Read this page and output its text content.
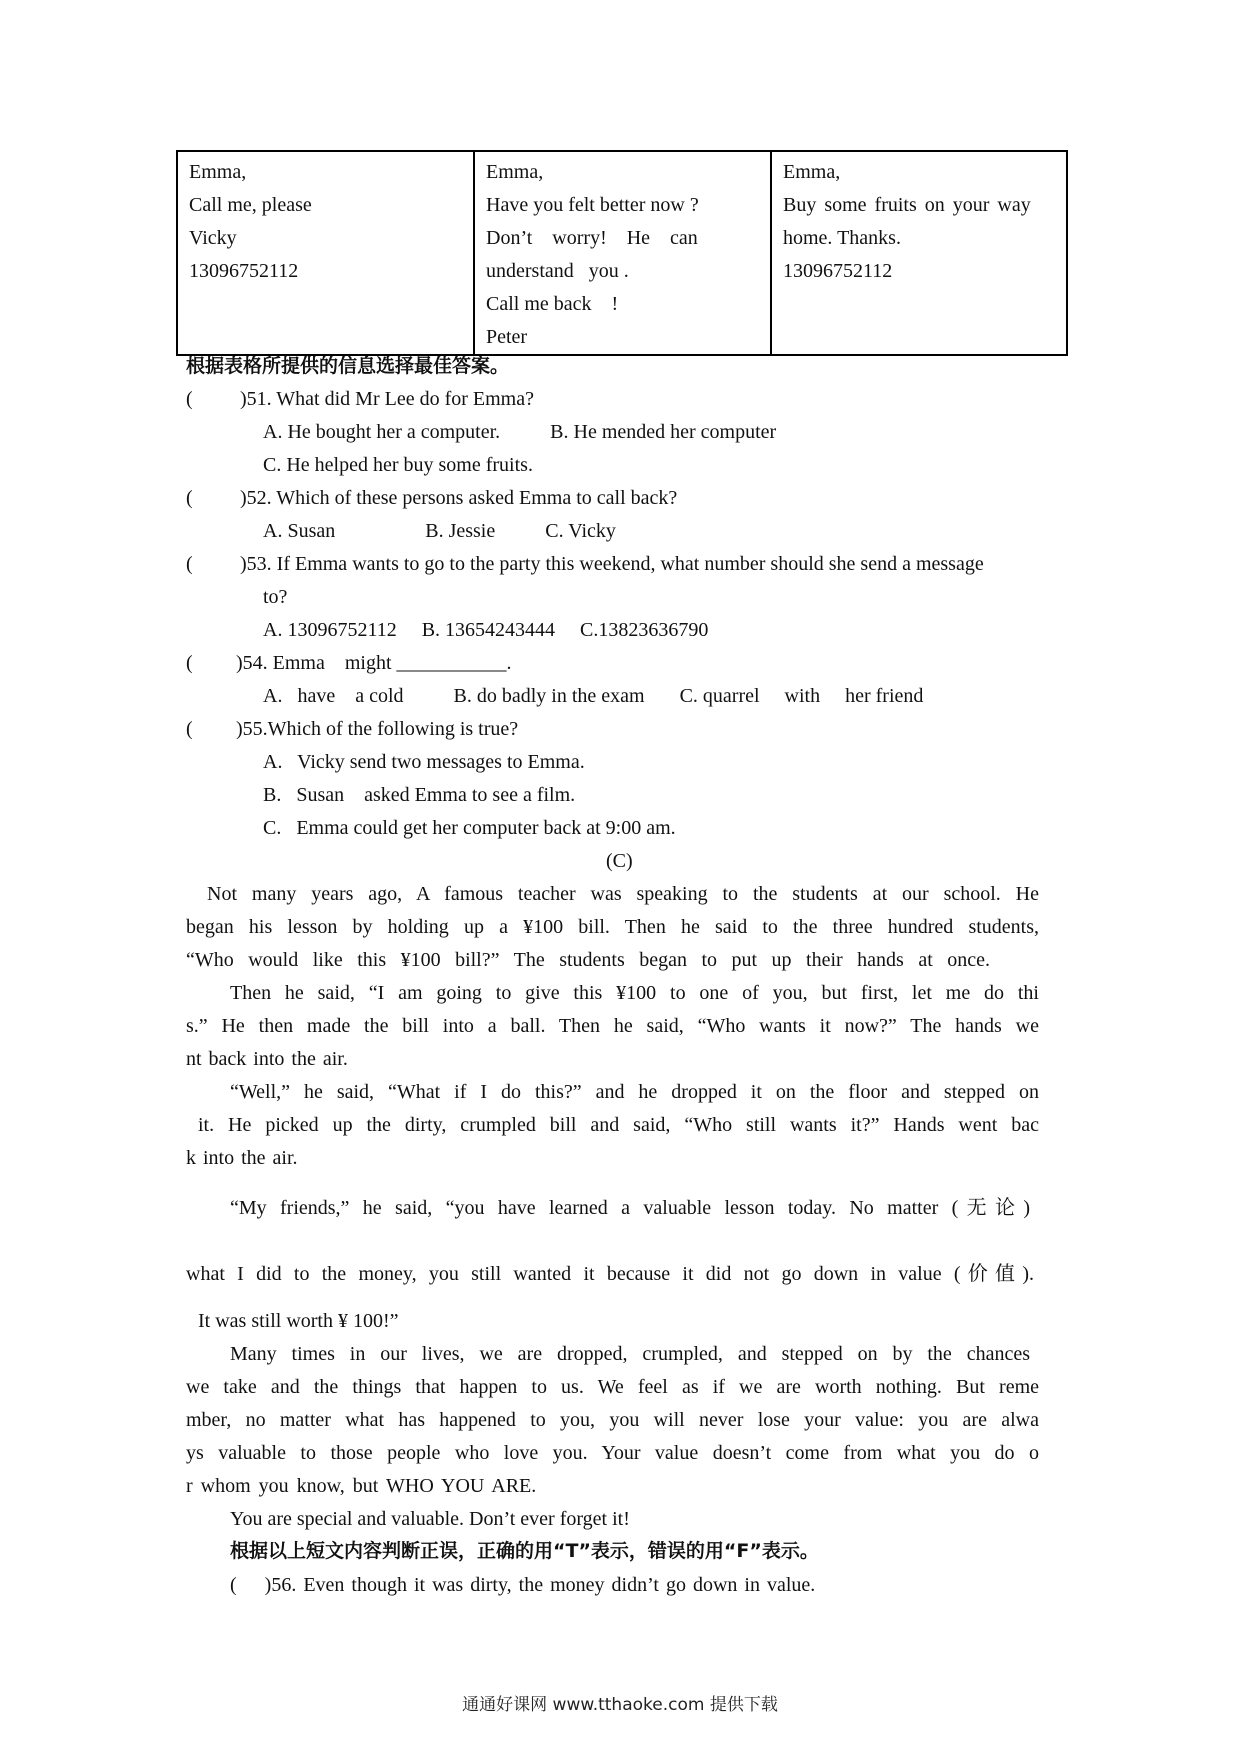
Emma,
Call me, please
Vicky
13096752112

Emma,
Have you felt better now ?
Don’t    worry!    He    can
understand   you .
Call me back    !
Peter

Emma,
Buy some fruits on your way
home. Thanks.
13096752112
根据表格所提供的信息选择最佳答案。
( )51. What did Mr Lee do for Emma?
A. He bought her a computer.          B. He mended her computer
C. He helped her buy some fruits.
( )52. Which of these persons asked Emma to call back?
A. Susan                  B. Jessie          C. Vicky
( )53. If Emma wants to go to the party this weekend, what number should she send a message
to?
A. 13096752112     B. 13654243444     C.13823636790
( )54. Emma    might ___________.
A.   have    a cold          B. do badly in the exam       C. quarrel     with     her friend
( )55.Which of the following is true?
A.   Vicky send two messages to Emma.
B.   Susan    asked Emma to see a film.
C.   Emma could get her computer back at 9:00 am.
(C)
Not many years ago, A famous teacher was speaking to the students at our school. He
began his lesson by holding up a ¥100 bill. Then he said to the three hundred students,
“Who would like this ¥100 bill?” The students began to put up their hands at once.
Then he said, “I am going to give this ¥100 to one of you, but first, let me do thi
s.” He then made the bill into a ball. Then he said, “Who wants it now?” The hands we
nt back into the air.
“Well,” he said, “What if I do this?” and he dropped it on the floor and stepped on
it. He picked up the dirty, crumpled bill and said, “Who still wants it?” Hands went bac
k into the air.
“My friends,” he said, “you have learned a valuable lesson today. No matter (无论)
what I did to the money, you still wanted it because it did not go down in value (价值).
It was still worth ¥ 100!”
Many times in our lives, we are dropped, crumpled, and stepped on by the chances
we take and the things that happen to us. We feel as if we are worth nothing. But reme
mber, no matter what has happened to you, you will never lose your value: you are alwa
ys valuable to those people who love you. Your value doesn’t come from what you do o
r whom you know, but WHO YOU ARE.
You are special and valuable. Don’t ever forget it!
根据以上短文内容判断正误，正确的用“T”表示，错误的用“F”表示。
(    )56. Even though it was dirty, the money didn’t go down in value.
通通好课网 www.tthaoke.com 提供下载
